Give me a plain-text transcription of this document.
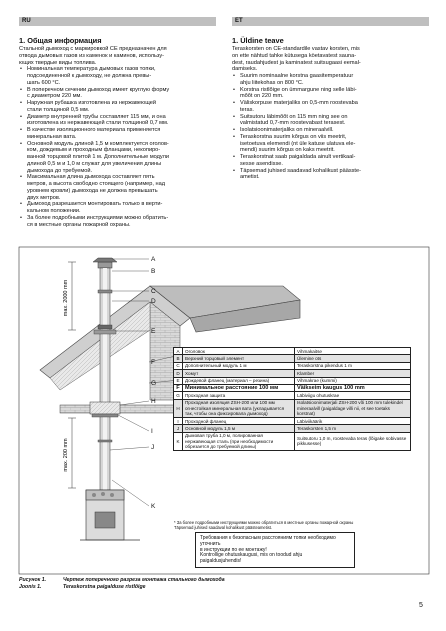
RU	ET
1. Общая информация
Стальной дымоход с маркировкой CE предназначен для
отвода дымовых газов из каменок и каминов, использу-
ющих твердые виды топлива.
• Номинальная температура дымовых газов топки,
подсоединенной к дымоходу, не должна превы-
шать 600 °C.
• В поперечном сечении дымоход имеет круглую форму
с диаметром 220 мм.
• Наружная рубашка изготовлена из нержавеющей
стали толщиной 0,5 мм.
• Диаметр внутренней трубы составляет 115 мм, и она
изготовлена из нержавеющей стали толщиной 0,7 мм.
• В качестве изоляционного материала применяется
минеральная вата.
• Основной модуль длиной 1,5 м комплектуется оголов-
ком, дождевым и проходным фланцами, некопиро-
ванной торцовой плитой 1 м. Дополнительные модули
длиной 0,5 м и 1,0 м служат для увеличения длины
дымохода до требуемой.
• Максимальная длина дымохода составляет пять
метров, а высота свободно стоящего (например, над
уровнем кровли) дымохода не должна превышать
двух метров.
• Дымоход разрешается монтировать только в верти-
кальном положении.
• За более подробными инструкциями можно обратить-
ся в местные органы пожарной охраны.
1. Üldine teave
Teraskorsten on CE-standardile vastav korsten, mis
on ette nähtud tahke kütusega köetavatest sauna-
dest, raudahjudest ja kaminatest suitsugaasi eemal-
damiseks.
• Suurim nominaalne korstna gaasitemperatuur
ahju liitekohas on 800 °C.
• Korstna ristlõige on ümmargune ning selle läbi-
mõõt on 220 mm.
• Väliskorpuse materjaliks on 0,5-mm roostevaba
teras.
• Suitsutoru läbimõõt on 115 mm ning see on
valmistatud 0,7-mm roostevabast terasest.
• Isolatsioonimaterjaliks on mineraalvill.
• Teraskorstna suurim kõrgus on viis meetrit,
isetoetuva elemendi (nt üle katuse ulatuva ele-
mendi) suurim kõrgus on kaks meetrit.
• Teraskorstnat saab paigaldada ainult vertikaal-
sesse asendisse.
• Täpsemad juhised saadavad kohalikust päässte-
ametist.
max. 2000 mm
max. 200 mm
A
B
C
D
E
F
G
H
I
J
K
A	Оголовок	Vihmakaitse
B	Верхний торцовый элемент	Ülemine ots
C	Дополнительный модуль 1 м	Teraskorstna pikendus 1 m
D	Хомут	Klamber
E	Дождевой фланец (материал – резина)	Vihmakrae (kummi)
F	Минимальное расстояние 100 мм	Väikseim kaugus 100 mm
G	Проходная защита	Läbiviigu ohutuskrae
H	Проходная изоляция ZSH-200 или 100 мм огнестойкая минеральная вата (укладывается так, чтобы она фиксировала дымоход)	Isolatsioonimaterjali ZSH-200 või 100 mm tulekindel mineraalvill (paigaldage villi nii, et see toetaks korstnat)
I	Проходной фланец	Läbiviikäärik
J	Основной модуль 1,5 м	Teraskorsten 1,5 m
K	Дымовая труба 1,0 м, полированная нержавеющая сталь (при необходимости обрезается до требуемой длины)	Suitsutoru 1,0 m, roostevaba teras (lõigake sobivasse pikkusesse)
* За более подробными инструкциями можно обратиться в местные органы пожарной охраны
Täpsemad juhised saadaval kohalikust päästeametist.
Требования к безопасным расстояниям топки необходимо уточнить
в инструкции по ее монтажу!
Kontrollige ohutuskaugusi, mis on toodud ahju
paigaldusjuhendis!
Рисунок 1.	Чертеж поперечного разреза монтажа стального дымохода
Joonis 1.	Teraskorstna paigalduse ristlõige
5
